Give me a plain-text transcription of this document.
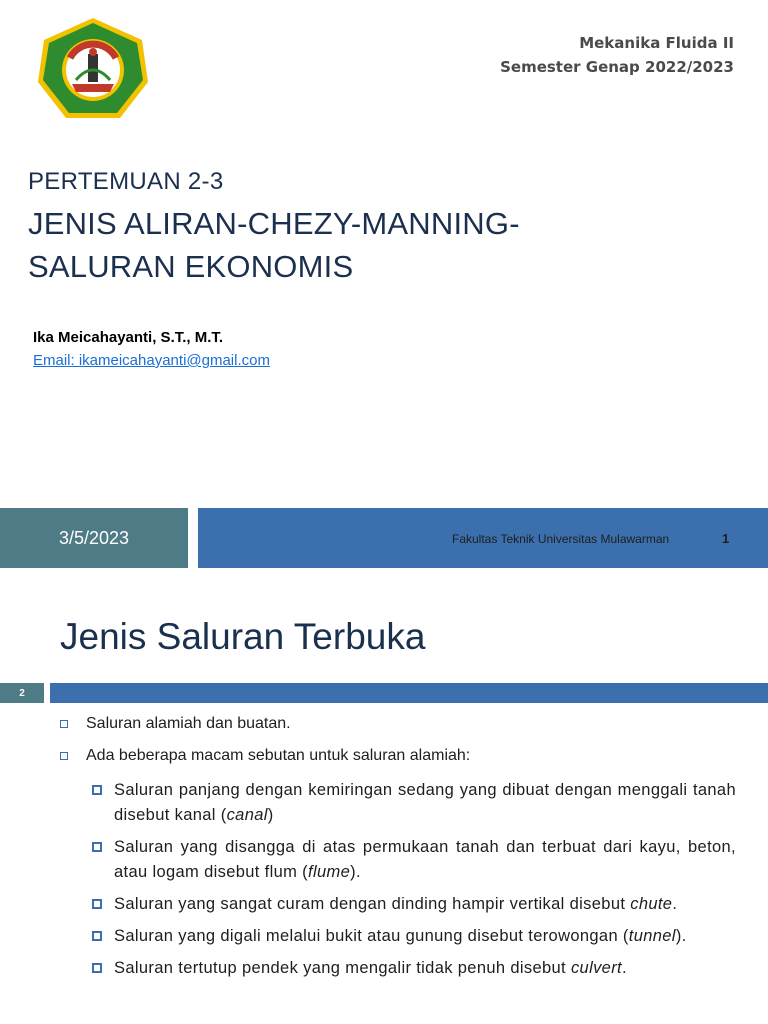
Mekanika Fluida II
Semester Genap 2022/2023
PERTEMUAN 2-3
JENIS ALIRAN-CHEZY-MANNING-
SALURAN EKONOMIS
Ika Meicahayanti, S.T., M.T.
Email: ikameicahayanti@gmail.com
3/5/2023	Fakultas Teknik Universitas Mulawarman	1
Jenis Saluran Terbuka
2
Saluran alamiah dan buatan.
Ada beberapa macam sebutan untuk saluran alamiah:
Saluran panjang dengan kemiringan sedang yang dibuat dengan menggali tanah disebut kanal (canal)
Saluran yang disangga di atas permukaan tanah dan terbuat dari kayu, beton, atau logam disebut flum (flume).
Saluran yang sangat curam dengan dinding hampir vertikal disebut chute.
Saluran yang digali melalui bukit atau gunung disebut terowongan (tunnel).
Saluran tertutup pendek yang mengalir tidak penuh disebut culvert.
